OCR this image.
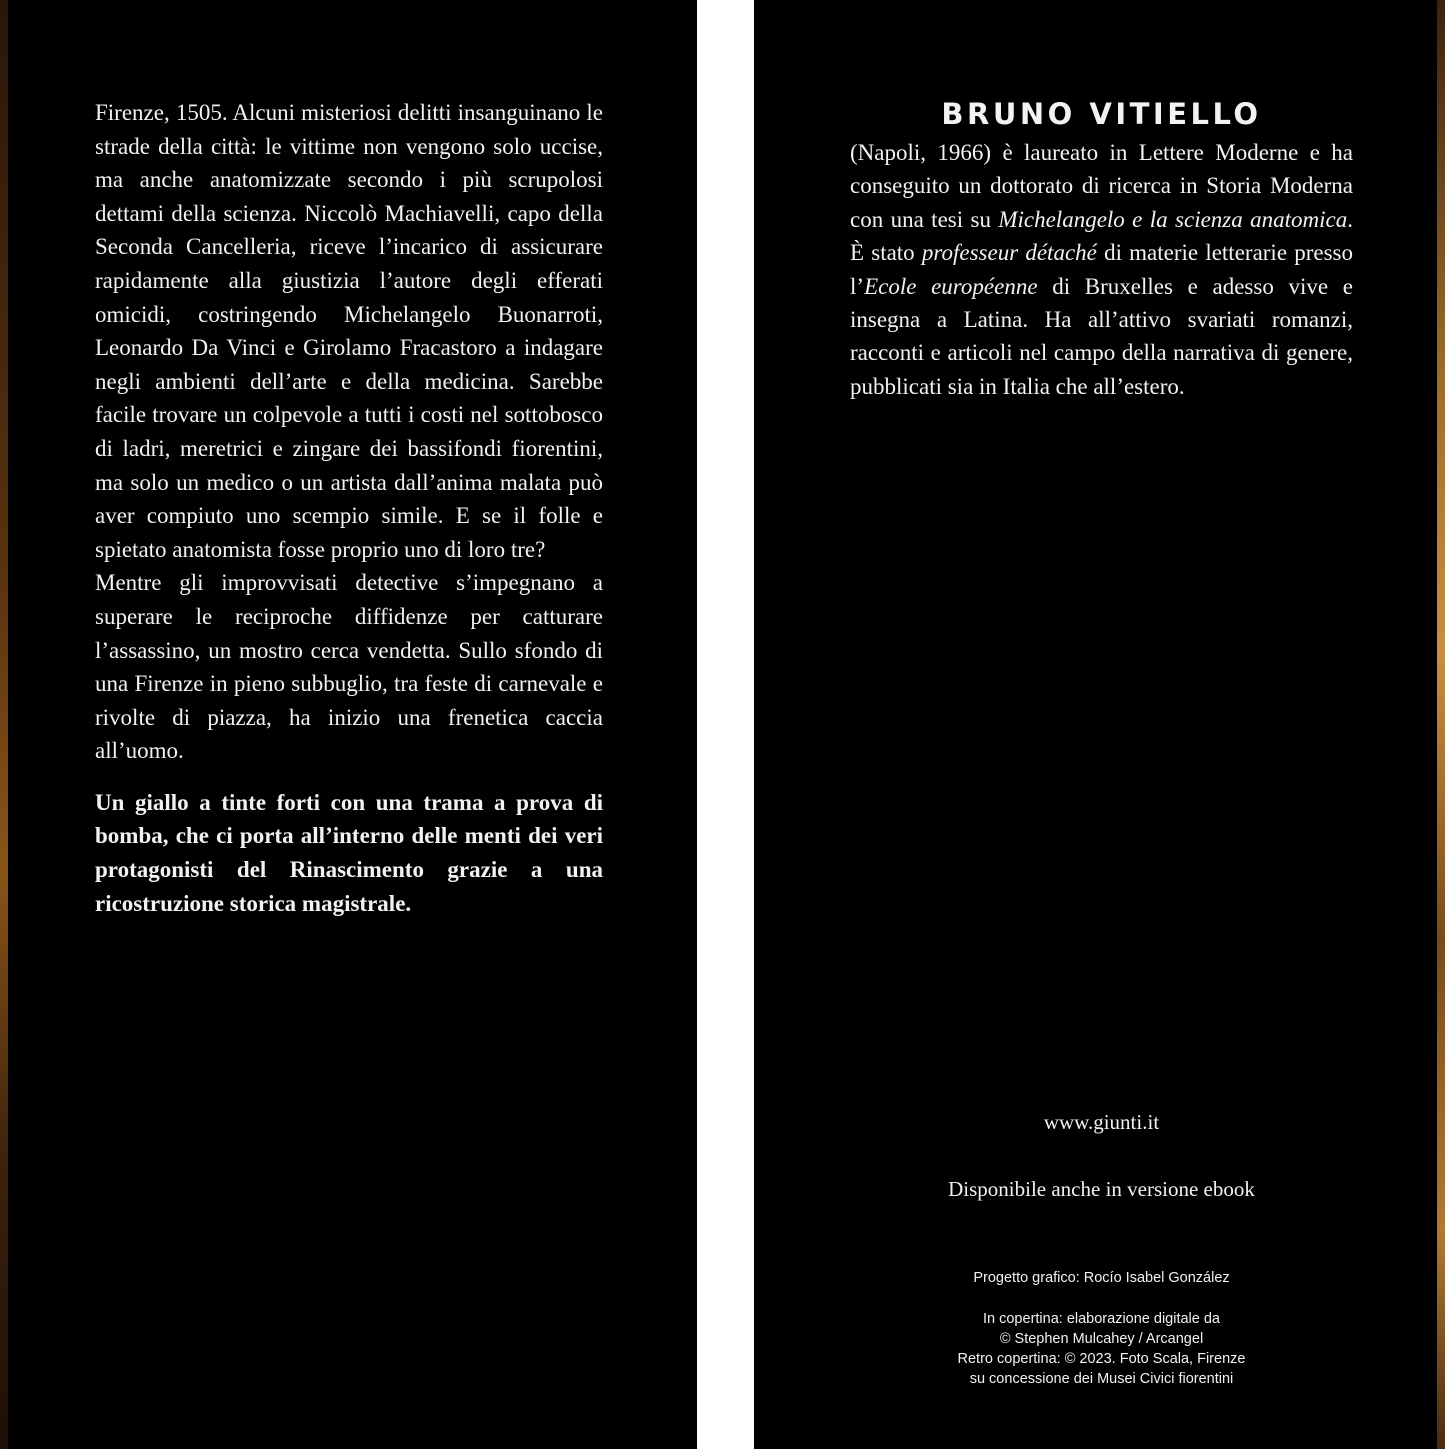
Firenze, 1505. Alcuni misteriosi delitti insanguinano le strade della città: le vittime non vengono solo uccise, ma anche anatomizzate secondo i più scrupolosi dettami della scienza. Niccolò Machiavelli, capo della Seconda Cancelleria, riceve l’incarico di assicurare rapidamente alla giustizia l’autore degli efferati omicidi, costringendo Michelangelo Buonarroti, Leonardo Da Vinci e Girolamo Fracastoro a indagare negli ambienti dell’arte e della medicina. Sarebbe facile trovare un colpevole a tutti i costi nel sottobosco di ladri, meretrici e zingare dei bassifondi fiorentini, ma solo un medico o un artista dall’anima malata può aver compiuto uno scempio simile. E se il folle e spietato anatomista fosse proprio uno di loro tre?

Mentre gli improvvisati detective s’impegnano a superare le reciproche diffidenze per catturare l’assassino, un mostro cerca vendetta. Sullo sfondo di una Firenze in pieno subbuglio, tra feste di carnevale e rivolte di piazza, ha inizio una frenetica caccia all’uomo.

Un giallo a tinte forti con una trama a prova di bomba, che ci porta all’interno delle menti dei veri protagonisti del Rinascimento grazie a una ricostruzione storica magistrale.

BRUNO VITIELLO

(Napoli, 1966) è laureato in Lettere Moderne e ha conseguito un dottorato di ricerca in Storia Moderna con una tesi su Michelangelo e la scienza anatomica. È stato professeur détaché di materie letterarie presso l’Ecole européenne di Bruxelles e adesso vive e insegna a Latina. Ha all’attivo svariati romanzi, racconti e articoli nel campo della narrativa di genere, pubblicati sia in Italia che all’estero.

www.giunti.it
Disponibile anche in versione ebook
Progetto grafico: Rocío Isabel González
In copertina: elaborazione digitale da
© Stephen Mulcahey / Arcangel
Retro copertina: © 2023. Foto Scala, Firenze
su concessione dei Musei Civici fiorentini
